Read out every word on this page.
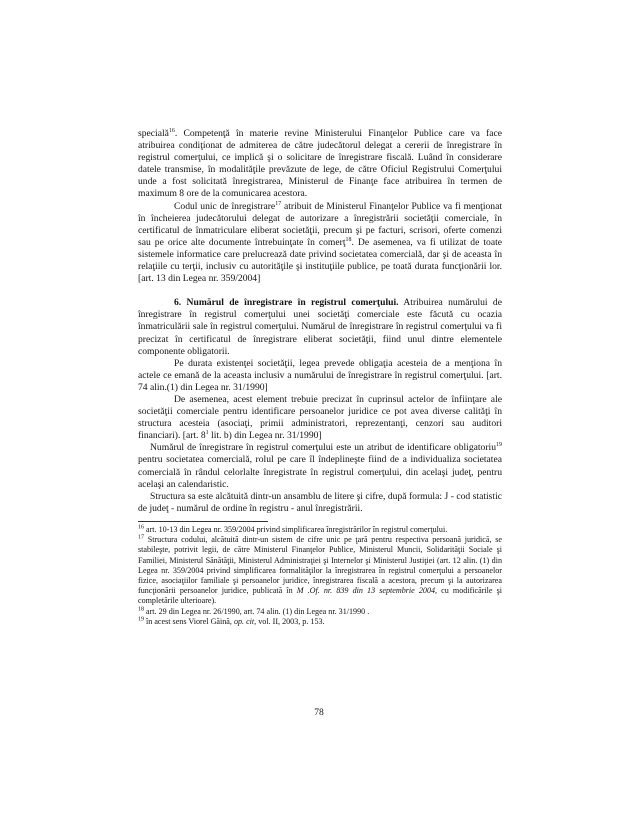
specială$^{16}$. Competenţă în materie revine Ministerului Finanţelor Publice care va face atribuirea condiţionat de admiterea de către judecătorul delegat a cererii de înregistrare în registrul comerţului, ce implică şi o solicitare de înregistrare fiscală. Luând în considerare datele transmise, în modalităţile prevăzute de lege, de către Oficiul Registrului Comerţului unde a fost solicitată înregistrarea, Ministerul de Finanţe face atribuirea în termen de maximum 8 ore de la comunicarea acestora.

Codul unic de înregistrare$^{17}$ atribuit de Ministerul Finanţelor Publice va fi menţionat în încheierea judecătorului delegat de autorizare a înregistrării societăţii comerciale, în certificatul de înmatriculare eliberat societăţii, precum şi pe facturi, scrisori, oferte comenzi sau pe orice alte documente întrebuinţate în comerţ$^{18}$. De asemenea, va fi utilizat de toate sistemele informatice care prelucrează date privind societatea comercială, dar şi de aceasta în relaţiile cu terţii, inclusiv cu autorităţile şi instituţiile publice, pe toată durata funcţionării lor. [art. 13 din Legea nr. 359/2004]

6. Numărul de înregistrare în registrul comerţului. Atribuirea numărului de înregistrare în registrul comerţului unei societăţi comerciale este făcută cu ocazia înmatriculării sale în registrul comerţului. Numărul de înregistrare în registrul comerţului va fi precizat în certificatul de înregistrare eliberat societăţii, fiind unul dintre elementele componente obligatorii.

Pe durata existenţei societăţii, legea prevede obligaţia acesteia de a menţiona în actele ce emană de la aceasta inclusiv a numărului de înregistrare în registrul comerţului. [art. 74 alin.(1) din Legea nr. 31/1990]

De asemenea, acest element trebuie precizat în cuprinsul actelor de înfiinţare ale societăţii comerciale pentru identificare persoanelor juridice ce pot avea diverse calităţi în structura acesteia (asociaţi, primii administratori, reprezentanţi, cenzori sau auditori financiari). [art. $8^1$ lit. b) din Legea nr. 31/1990]

Numărul de înregistrare în registrul comerţului este un atribut de identificare obligatoriu$^{19}$ pentru societatea comercială, rolul pe care îl îndeplineşte fiind de a individualiza societatea comercială în rândul celorlalte înregistrate în registrul comerţului, din acelaşi judeţ, pentru acelaşi an calendaristic.

Structura sa este alcătuită dintr-un ansamblu de litere şi cifre, după formula: J - cod statistic de judeţ - numărul de ordine în registru - anul înregistrării.

$^{16}$ art. 10-13 din Legea nr. 359/2004 privind simplificarea înregistrărilor în registrul comerţului.

$^{17}$ Structura codului, alcătuită dintr-un sistem de cifre unic pe ţară pentru respectiva persoană juridică, se stabileşte, potrivit legii, de către Ministerul Finanţelor Publice, Ministerul Muncii, Solidarităţii Sociale şi Familiei, Ministerul Sănătăţii, Ministerul Administraţiei şi Internelor şi Ministerul Justiţiei (art. 12 alin. (1) din Legea nr. 359/2004 privind simplificarea formalităţilor la înregistrarea în registrul comerţului a persoanelor fizice, asociaţiilor familiale şi persoanelor juridice, înregistrarea fiscală a acestora, precum şi la autorizarea funcţionării persoanelor juridice, publicată în M .Of. nr. 839 din 13 septembrie 2004, cu modificările şi completările ulterioare).

$^{18}$ art. 29 din Legea nr. 26/1990, art. 74 alin. (1) din Legea nr. 31/1990 .

$^{19}$ în acest sens Viorel Găină, op. cit, vol. II, 2003, p. 153.

78
